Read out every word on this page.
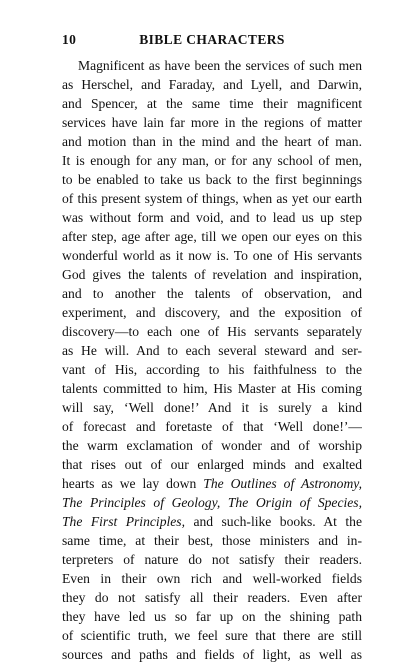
10	BIBLE CHARACTERS
Magnificent as have been the services of such men
as Herschel, and Faraday, and Lyell, and Darwin,
and Spencer, at the same time their magnificent
services have lain far more in the regions of matter
and motion than in the mind and the heart of man.
It is enough for any man, or for any school of men,
to be enabled to take us back to the first beginnings
of this present system of things, when as yet our earth
was without form and void, and to lead us up step
after step, age after age, till we open our eyes on this
wonderful world as it now is. To one of His servants
God gives the talents of revelation and inspiration,
and to another the talents of observation, and
experiment, and discovery, and the exposition of
discovery—to each one of His servants separately
as He will. And to each several steward and ser-
vant of His, according to his faithfulness to the
talents committed to him, His Master at His coming
will say, ‘Well done!’ And it is surely a kind
of forecast and foretaste of that ‘Well done!’—
the warm exclamation of wonder and of worship
that rises out of our enlarged minds and exalted
hearts as we lay down The Outlines of Astronomy,
The Principles of Geology, The Origin of Species,
The First Principles, and such-like books. At the
same time, at their best, those ministers and in-
terpreters of nature do not satisfy their readers.
Even in their own rich and well-worked fields
they do not satisfy all their readers. Even after
they have led us so far up on the shining path
of scientific truth, we feel sure that there are still
sources and paths and fields of light, as well as
